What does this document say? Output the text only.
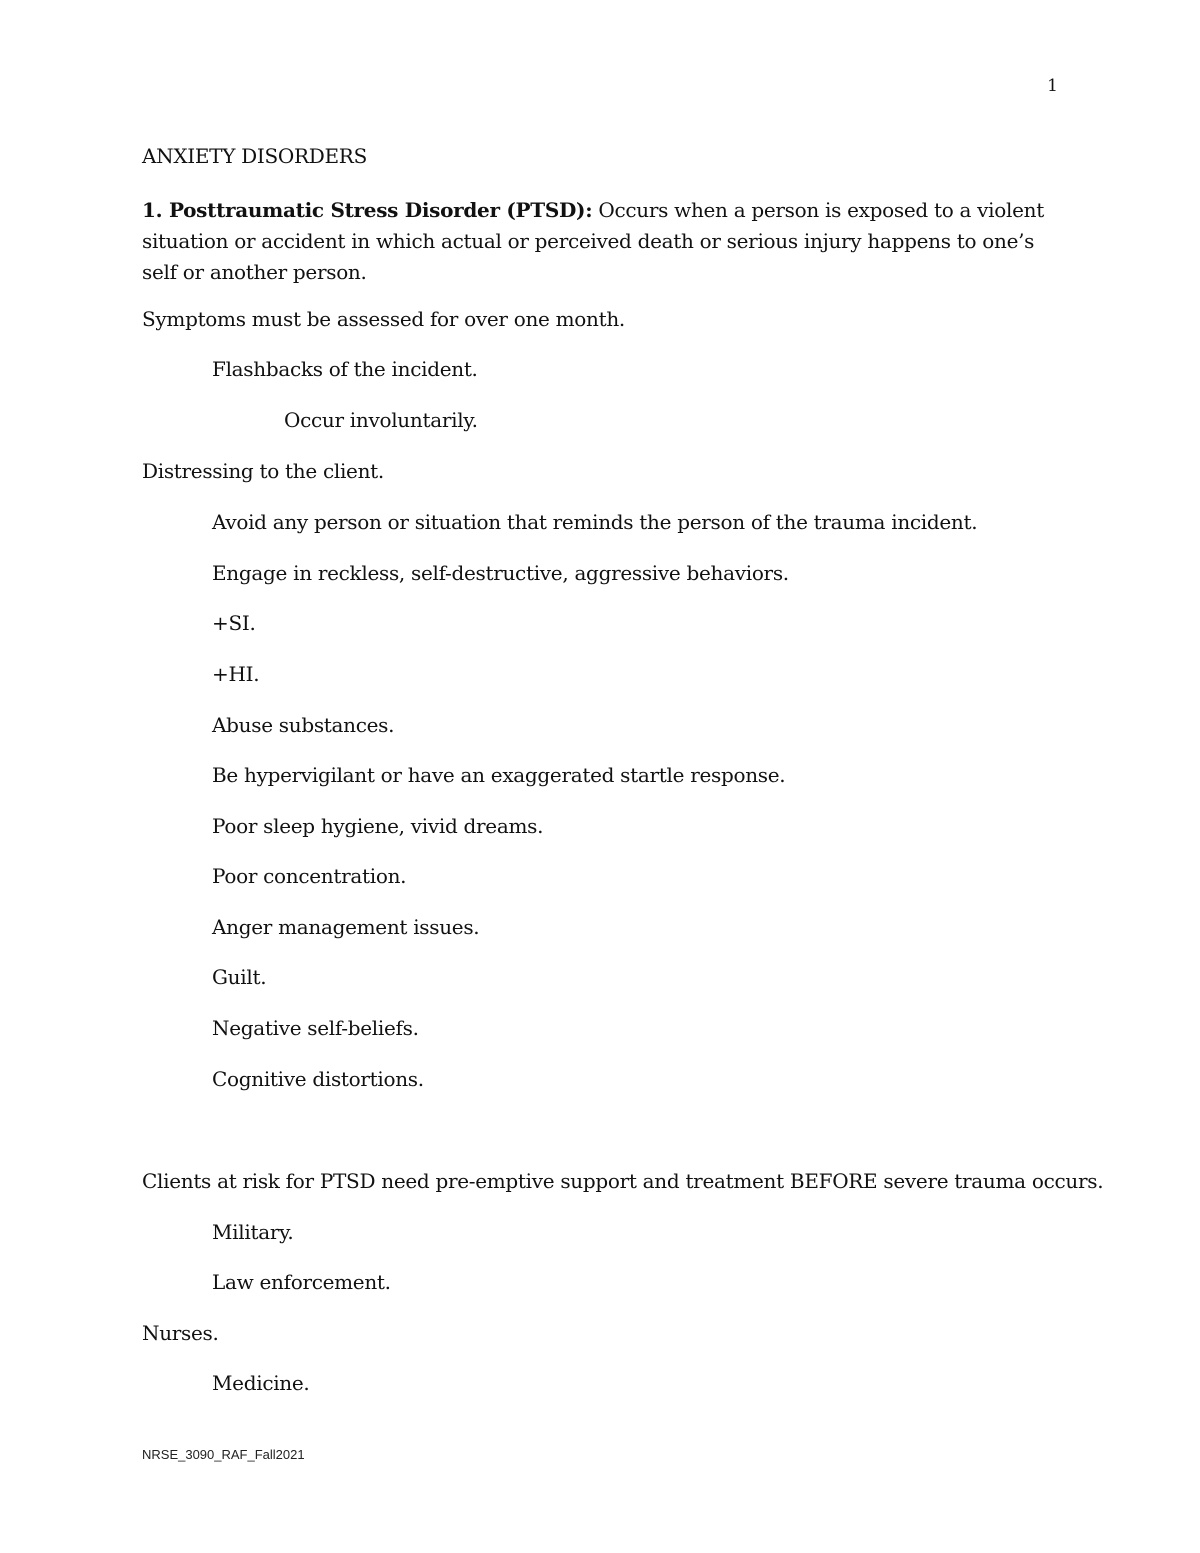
1
ANXIETY DISORDERS
1. Posttraumatic Stress Disorder (PTSD): Occurs when a person is exposed to a violent situation or accident in which actual or perceived death or serious injury happens to one’s self or another person.
Symptoms must be assessed for over one month.
Flashbacks of the incident.
Occur involuntarily.
Distressing to the client.
Avoid any person or situation that reminds the person of the trauma incident.
Engage in reckless, self-destructive, aggressive behaviors.
+SI.
+HI.
Abuse substances.
Be hypervigilant or have an exaggerated startle response.
Poor sleep hygiene, vivid dreams.
Poor concentration.
Anger management issues.
Guilt.
Negative self-beliefs.
Cognitive distortions.
Clients at risk for PTSD need pre-emptive support and treatment BEFORE severe trauma occurs.
Military.
Law enforcement.
Nurses.
Medicine.
NRSE_3090_RAF_Fall2021
